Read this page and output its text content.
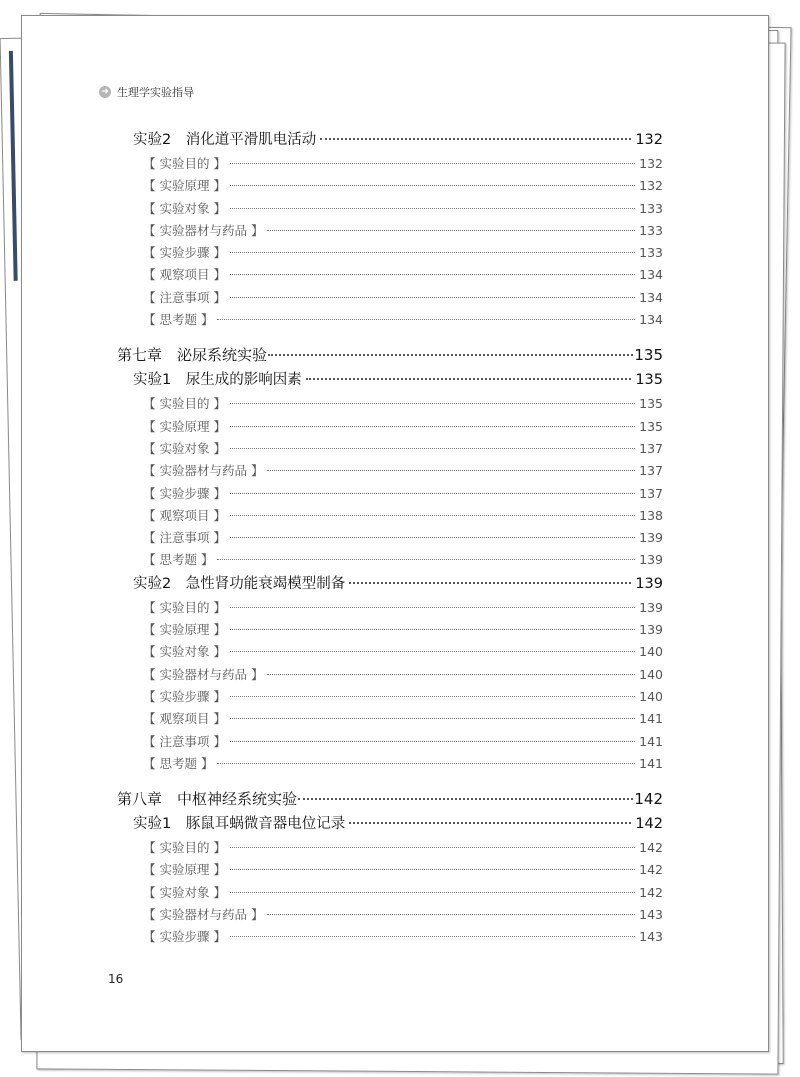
➜ 生理学实验指导
实验2　消化道平滑肌电活动	132
【 实验目的 】	132
【 实验原理 】	132
【 实验对象 】	133
【 实验器材与药品 】	133
【 实验步骤 】	133
【 观察项目 】	134
【 注意事项 】	134
【 思考题 】	134
第七章　泌尿系统实验	135
实验1　尿生成的影响因素	135
【 实验目的 】	135
【 实验原理 】	135
【 实验对象 】	137
【 实验器材与药品 】	137
【 实验步骤 】	137
【 观察项目 】	138
【 注意事项 】	139
【 思考题 】	139
实验2　急性肾功能衰竭模型制备	139
【 实验目的 】	139
【 实验原理 】	139
【 实验对象 】	140
【 实验器材与药品 】	140
【 实验步骤 】	140
【 观察项目 】	141
【 注意事项 】	141
【 思考题 】	141
第八章　中枢神经系统实验	142
实验1　豚鼠耳蜗微音器电位记录	142
【 实验目的 】	142
【 实验原理 】	142
【 实验对象 】	142
【 实验器材与药品 】	143
【 实验步骤 】	143
16
